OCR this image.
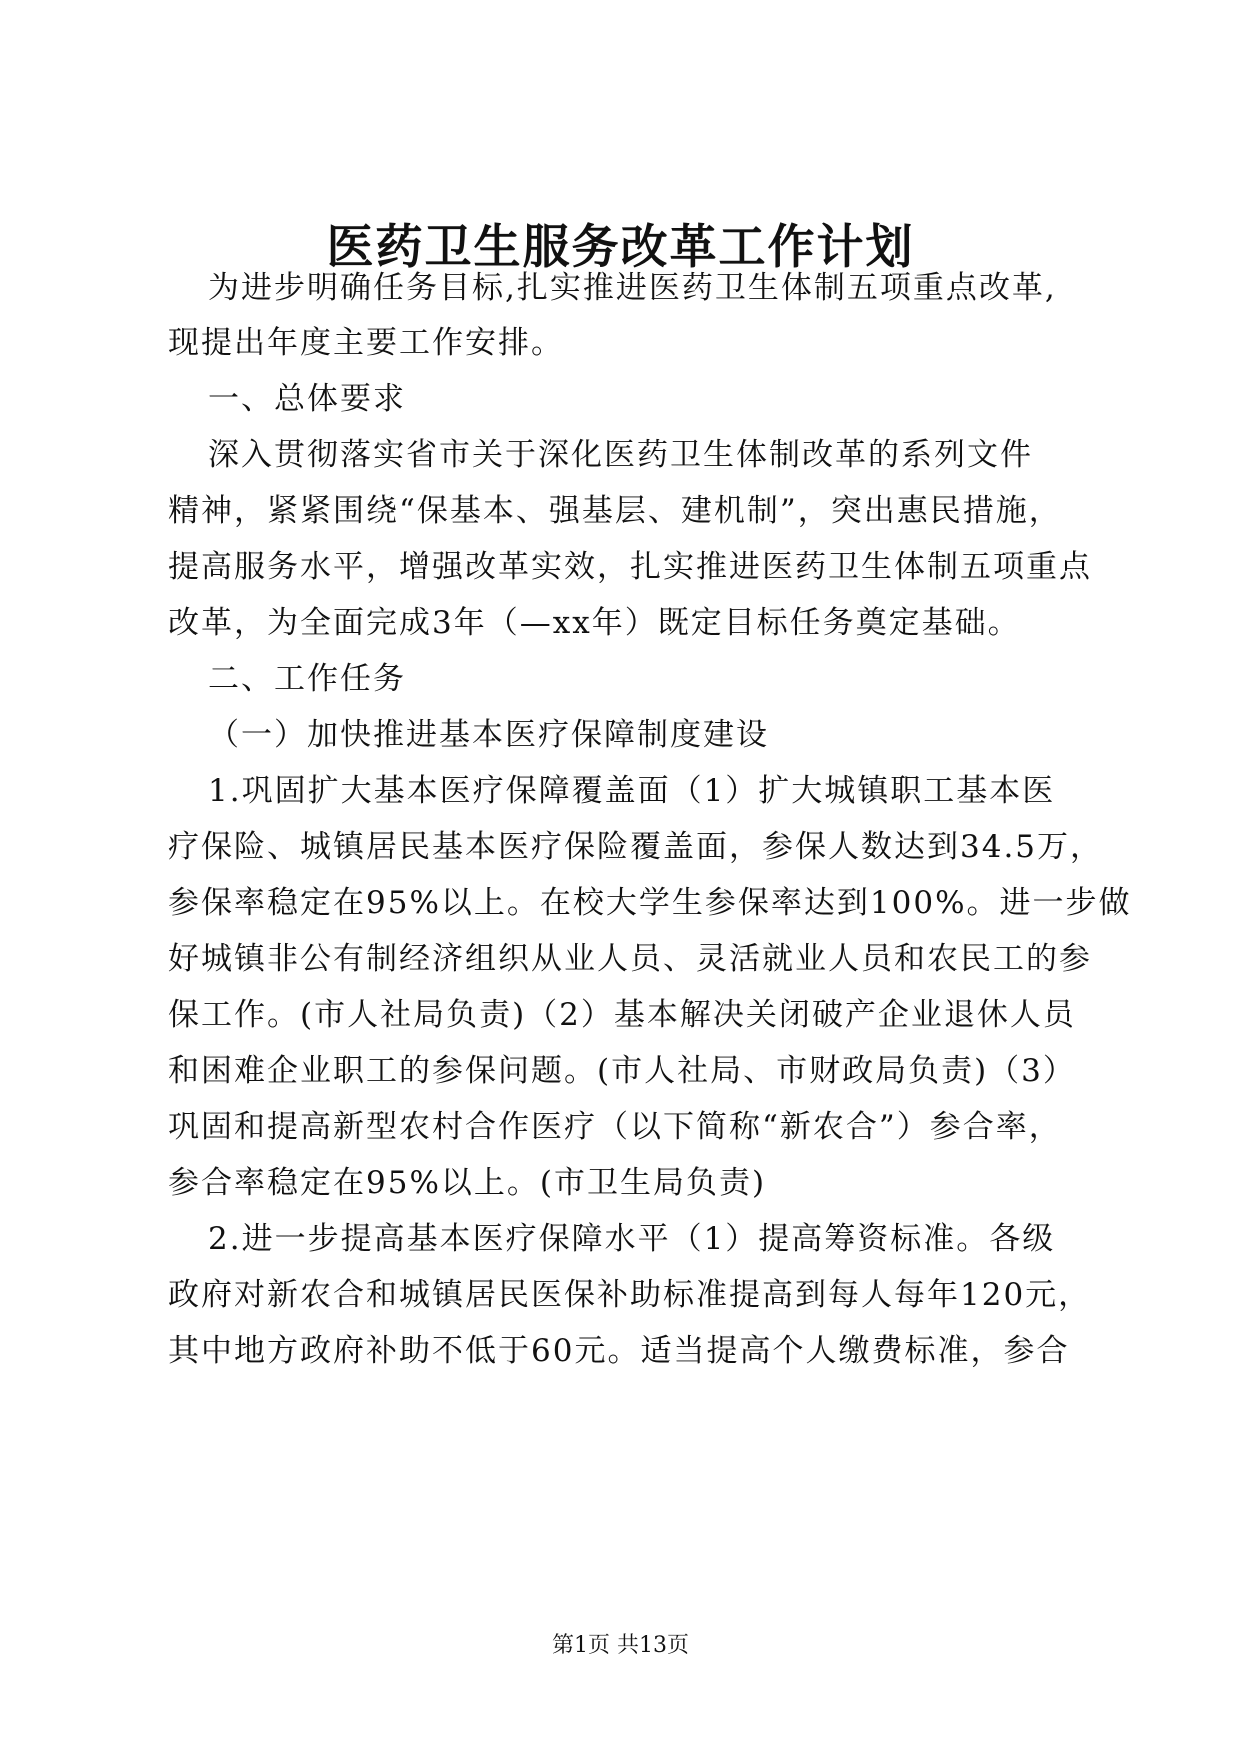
医药卫生服务改革工作计划
为进步明确任务目标,扎实推进医药卫生体制五项重点改革,
现提出年度主要工作安排。
一、总体要求
深入贯彻落实省市关于深化医药卫生体制改革的系列文件
精神，紧紧围绕“保基本、强基层、建机制”，突出惠民措施，
提高服务水平，增强改革实效，扎实推进医药卫生体制五项重点
改革，为全面完成3年（—xx年）既定目标任务奠定基础。
二、工作任务
（一）加快推进基本医疗保障制度建设
1.巩固扩大基本医疗保障覆盖面（1）扩大城镇职工基本医
疗保险、城镇居民基本医疗保险覆盖面，参保人数达到34.5万，
参保率稳定在95%以上。在校大学生参保率达到100%。进一步做
好城镇非公有制经济组织从业人员、灵活就业人员和农民工的参
保工作。(市人社局负责)（2）基本解决关闭破产企业退休人员
和困难企业职工的参保问题。(市人社局、市财政局负责)（3）
巩固和提高新型农村合作医疗（以下简称“新农合”）参合率，
参合率稳定在95%以上。(市卫生局负责)
2.进一步提高基本医疗保障水平（1）提高筹资标准。各级
政府对新农合和城镇居民医保补助标准提高到每人每年120元，
其中地方政府补助不低于60元。适当提高个人缴费标准，参合
第1页 共13页
